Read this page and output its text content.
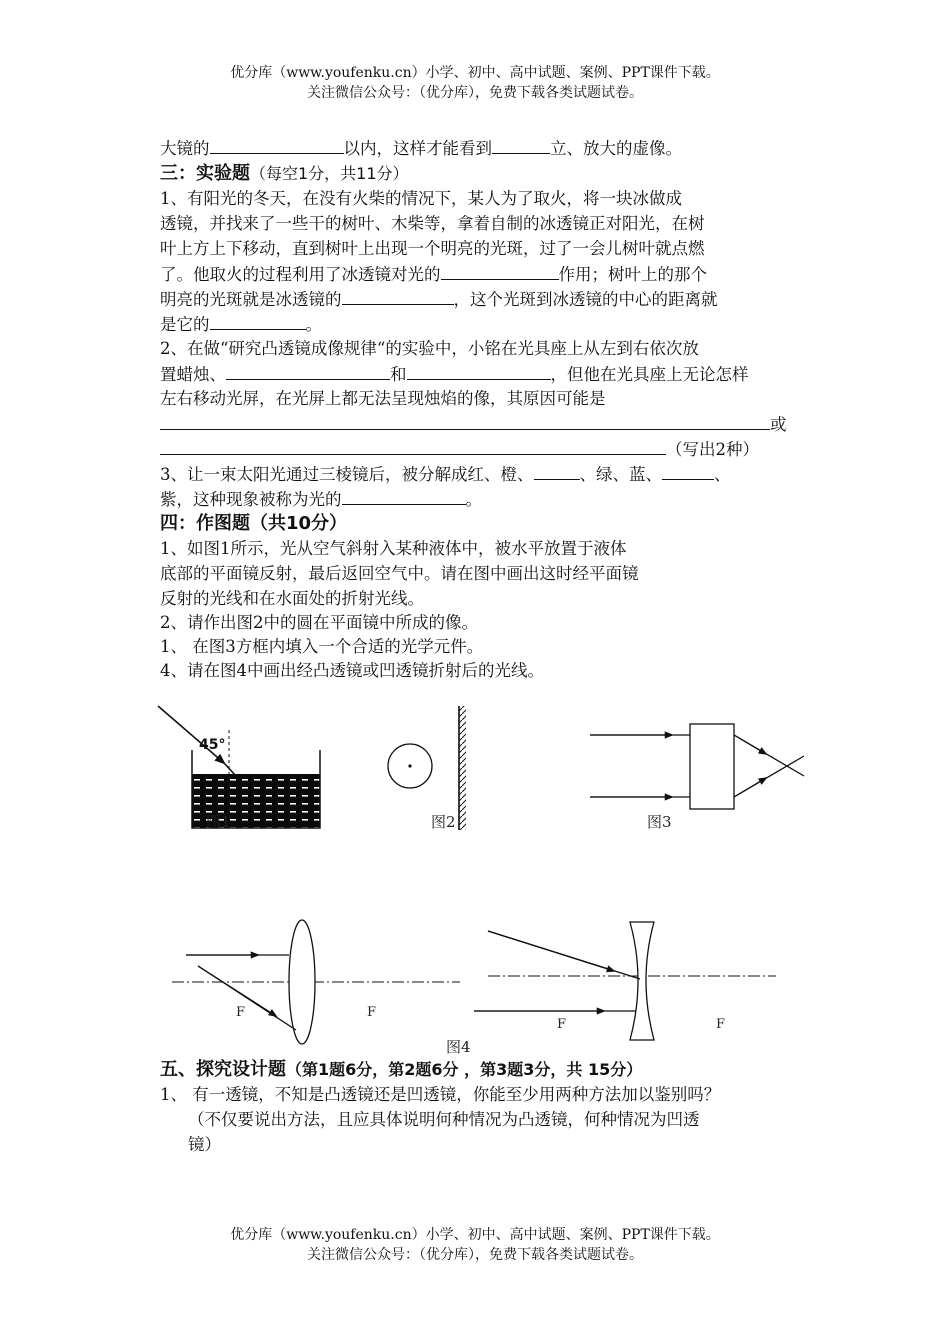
优分库（www.youfenku.cn）小学、初中、高中试题、案例、PPT课件下载。
关注微信公众号：（优分库），免费下载各类试题试卷。
大镜的	以内，这样才能看到	立、放大的虚像。
三：实验题（每空1分，共11分）
1、有阳光的冬天，在没有火柴的情况下，某人为了取火，将一块冰做成
透镜，并找来了一些干的树叶、木柴等，拿着自制的冰透镜正对阳光，在树
叶上方上下移动，直到树叶上出现一个明亮的光斑，过了一会儿树叶就点燃
了。他取火的过程利用了冰透镜对光的	作用；树叶上的那个
明亮的光斑就是冰透镜的	，这个光斑到冰透镜的中心的距离就
是它的	。
2、在做“研究凸透镜成像规律“的实验中，小铭在光具座上从左到右依次放
置蜡烛、	和	，但他在光具座上无论怎样
左右移动光屏，在光屏上都无法呈现烛焰的像，其原因可能是
或
（写出2种）
3、让一束太阳光通过三棱镜后，被分解成红、橙、	、绿、蓝、	、
紫，这种现象被称为光的	。
四：作图题（共10分）
1、如图1所示，光从空气斜射入某种液体中，被水平放置于液体
底部的平面镜反射，最后返回空气中。请在图中画出这时经平面镜
反射的光线和在水面处的折射光线。
2、请作出图2中的圆在平面镜中所成的像。
1、 在图3方框内填入一个合适的光学元件。
4、请在图4中画出经凸透镜或凹透镜折射后的光线。
45°
图1	图2	图3
F	F
F	F
图4
五、探究设计题（第1题6分，第2题6分 ，第3题3分，共 15分）
1、 有一透镜，不知是凸透镜还是凹透镜，你能至少用两种方法加以鉴别吗？
（不仅要说出方法，且应具体说明何种情况为凸透镜，何种情况为凹透
镜）
优分库（www.youfenku.cn）小学、初中、高中试题、案例、PPT课件下载。
关注微信公众号：（优分库），免费下载各类试题试卷。
